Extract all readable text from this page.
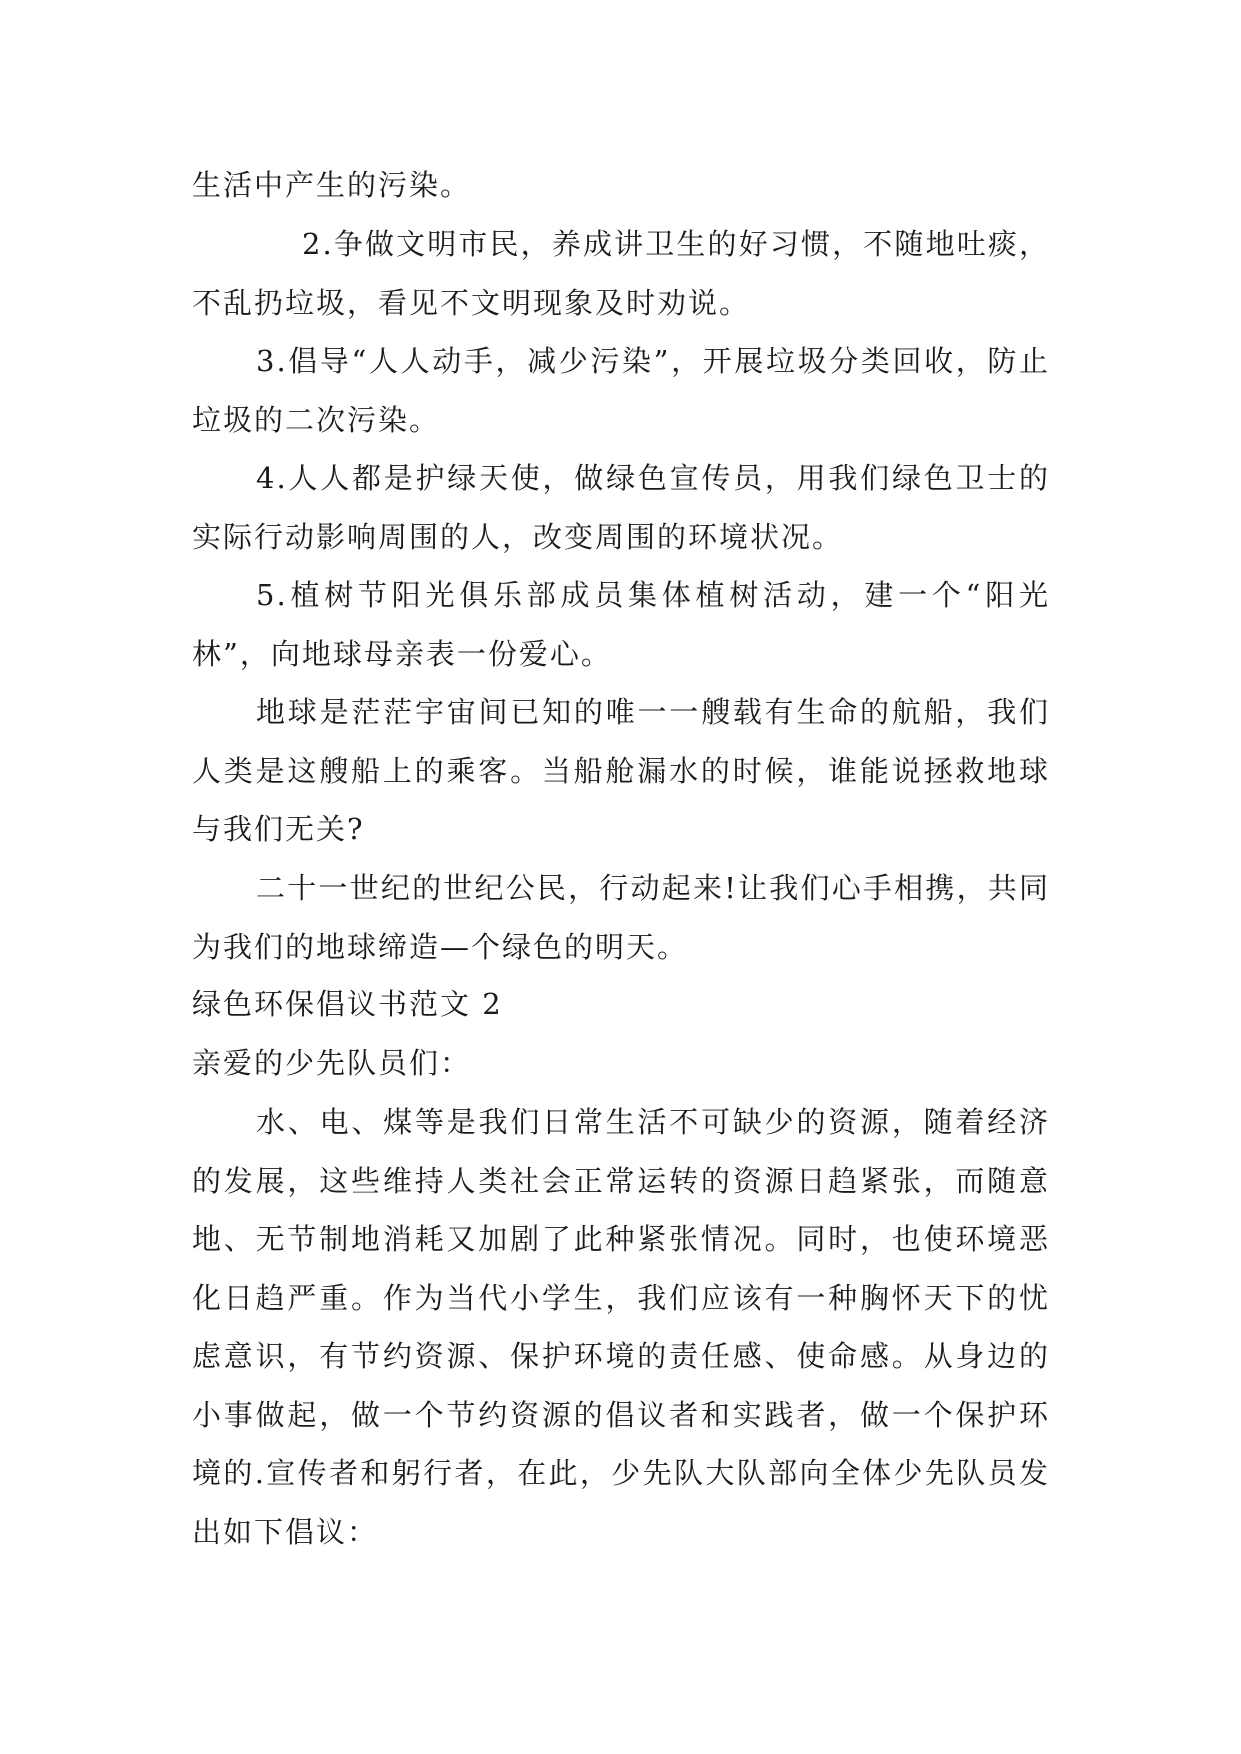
生活中产生的污染。

2.争做文明市民，养成讲卫生的好习惯，不随地吐痰，不乱扔垃圾，看见不文明现象及时劝说。

3.倡导“人人动手，减少污染”，开展垃圾分类回收，防止垃圾的二次污染。

4.人人都是护绿天使，做绿色宣传员，用我们绿色卫士的实际行动影响周围的人，改变周围的环境状况。

5.植树节阳光俱乐部成员集体植树活动，建一个“阳光林”，向地球母亲表一份爱心。

地球是茫茫宇宙间已知的唯一一艘载有生命的航船，我们人类是这艘船上的乘客。当船舱漏水的时候，谁能说拯救地球与我们无关?

二十一世纪的世纪公民，行动起来!让我们心手相携，共同为我们的地球缔造—个绿色的明天。

绿色环保倡议书范文 2

亲爱的少先队员们：

水、电、煤等是我们日常生活不可缺少的资源，随着经济的发展，这些维持人类社会正常运转的资源日趋紧张，而随意地、无节制地消耗又加剧了此种紧张情况。同时，也使环境恶化日趋严重。作为当代小学生，我们应该有一种胸怀天下的忧虑意识，有节约资源、保护环境的责任感、使命感。从身边的小事做起，做一个节约资源的倡议者和实践者，做一个保护环境的.宣传者和躬行者，在此，少先队大队部向全体少先队员发出如下倡议：
